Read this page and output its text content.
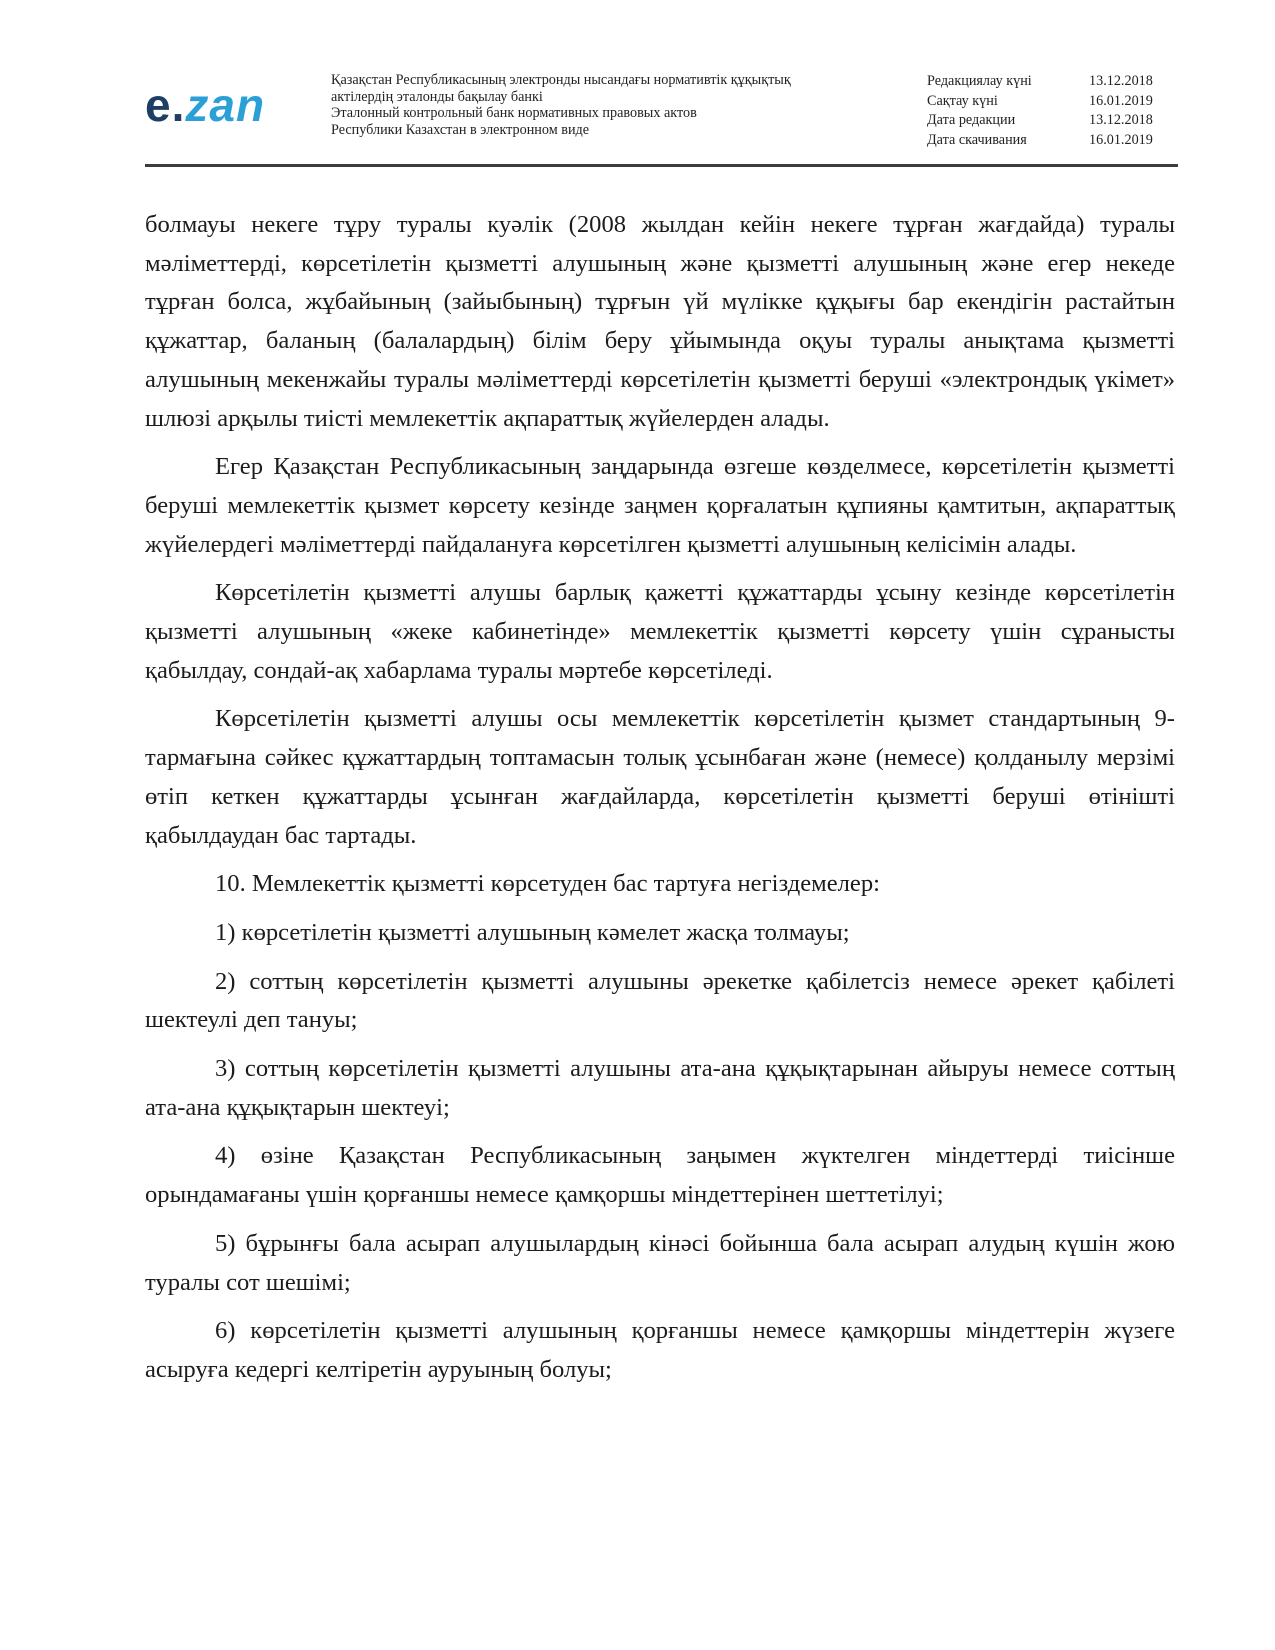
e.zan	Қазақстан Республикасының электронды нысандағы нормативтік құқықтық
актілердің эталонды бақылау банкі
Эталонный контрольный банк нормативных правовых актов
Республики Казахстан в электронном виде
Редакциялау күні	13.12.2018
Сақтау күні	16.01.2019
Дата редакции	13.12.2018
Дата скачивания	16.01.2019

болмауы некеге тұру туралы куәлік (2008 жылдан кейін некеге тұрған жағдайда) туралы мәліметтерді, көрсетілетін қызметті алушының және қызметті алушының және егер некеде тұрған болса, жұбайының (зайыбының) тұрғын үй мүлікке құқығы бар екендігін растайтын құжаттар, баланың (балалардың) білім беру ұйымында оқуы туралы анықтама қызметті алушының мекенжайы туралы мәліметтерді көрсетілетін қызметті беруші «электрондық үкімет» шлюзі арқылы тиісті мемлекеттік ақпараттық жүйелерден алады.

Егер Қазақстан Республикасының заңдарында өзгеше көзделмесе, көрсетілетін қызметті беруші мемлекеттік қызмет көрсету кезінде заңмен қорғалатын құпияны қамтитын, ақпараттық жүйелердегі мәліметтерді пайдалануға көрсетілген қызметті алушының келісімін алады.

Көрсетілетін қызметті алушы барлық қажетті құжаттарды ұсыну кезінде көрсетілетін қызметті алушының «жеке кабинетінде» мемлекеттік қызметті көрсету үшін сұранысты қабылдау, сондай-ақ хабарлама туралы мәртебе көрсетіледі.

Көрсетілетін қызметті алушы осы мемлекеттік көрсетілетін қызмет стандартының 9-тармағына сәйкес құжаттардың топтамасын толық ұсынбаған және (немесе) қолданылу мерзімі өтіп кеткен құжаттарды ұсынған жағдайларда, көрсетілетін қызметті беруші өтінішті қабылдаудан бас тартады.

10. Мемлекеттік қызметті көрсетуден бас тартуға негіздемелер:

1) көрсетілетін қызметті алушының кәмелет жасқа толмауы;

2) соттың көрсетілетін қызметті алушыны әрекетке қабілетсіз немесе әрекет қабілеті шектеулі деп тануы;

3) соттың көрсетілетін қызметті алушыны ата-ана құқықтарынан айыруы немесе соттың ата-ана құқықтарын шектеуі;

4) өзіне Қазақстан Республикасының заңымен жүктелген міндеттерді тиісінше орындамағаны үшін қорғаншы немесе қамқоршы міндеттерінен шеттетілуі;

5) бұрынғы бала асырап алушылардың кінәсі бойынша бала асырап алудың күшін жою туралы сот шешімі;

6) көрсетілетін қызметті алушының қорғаншы немесе қамқоршы міндеттерін жүзеге асыруға кедергі келтіретін ауруының болуы;
